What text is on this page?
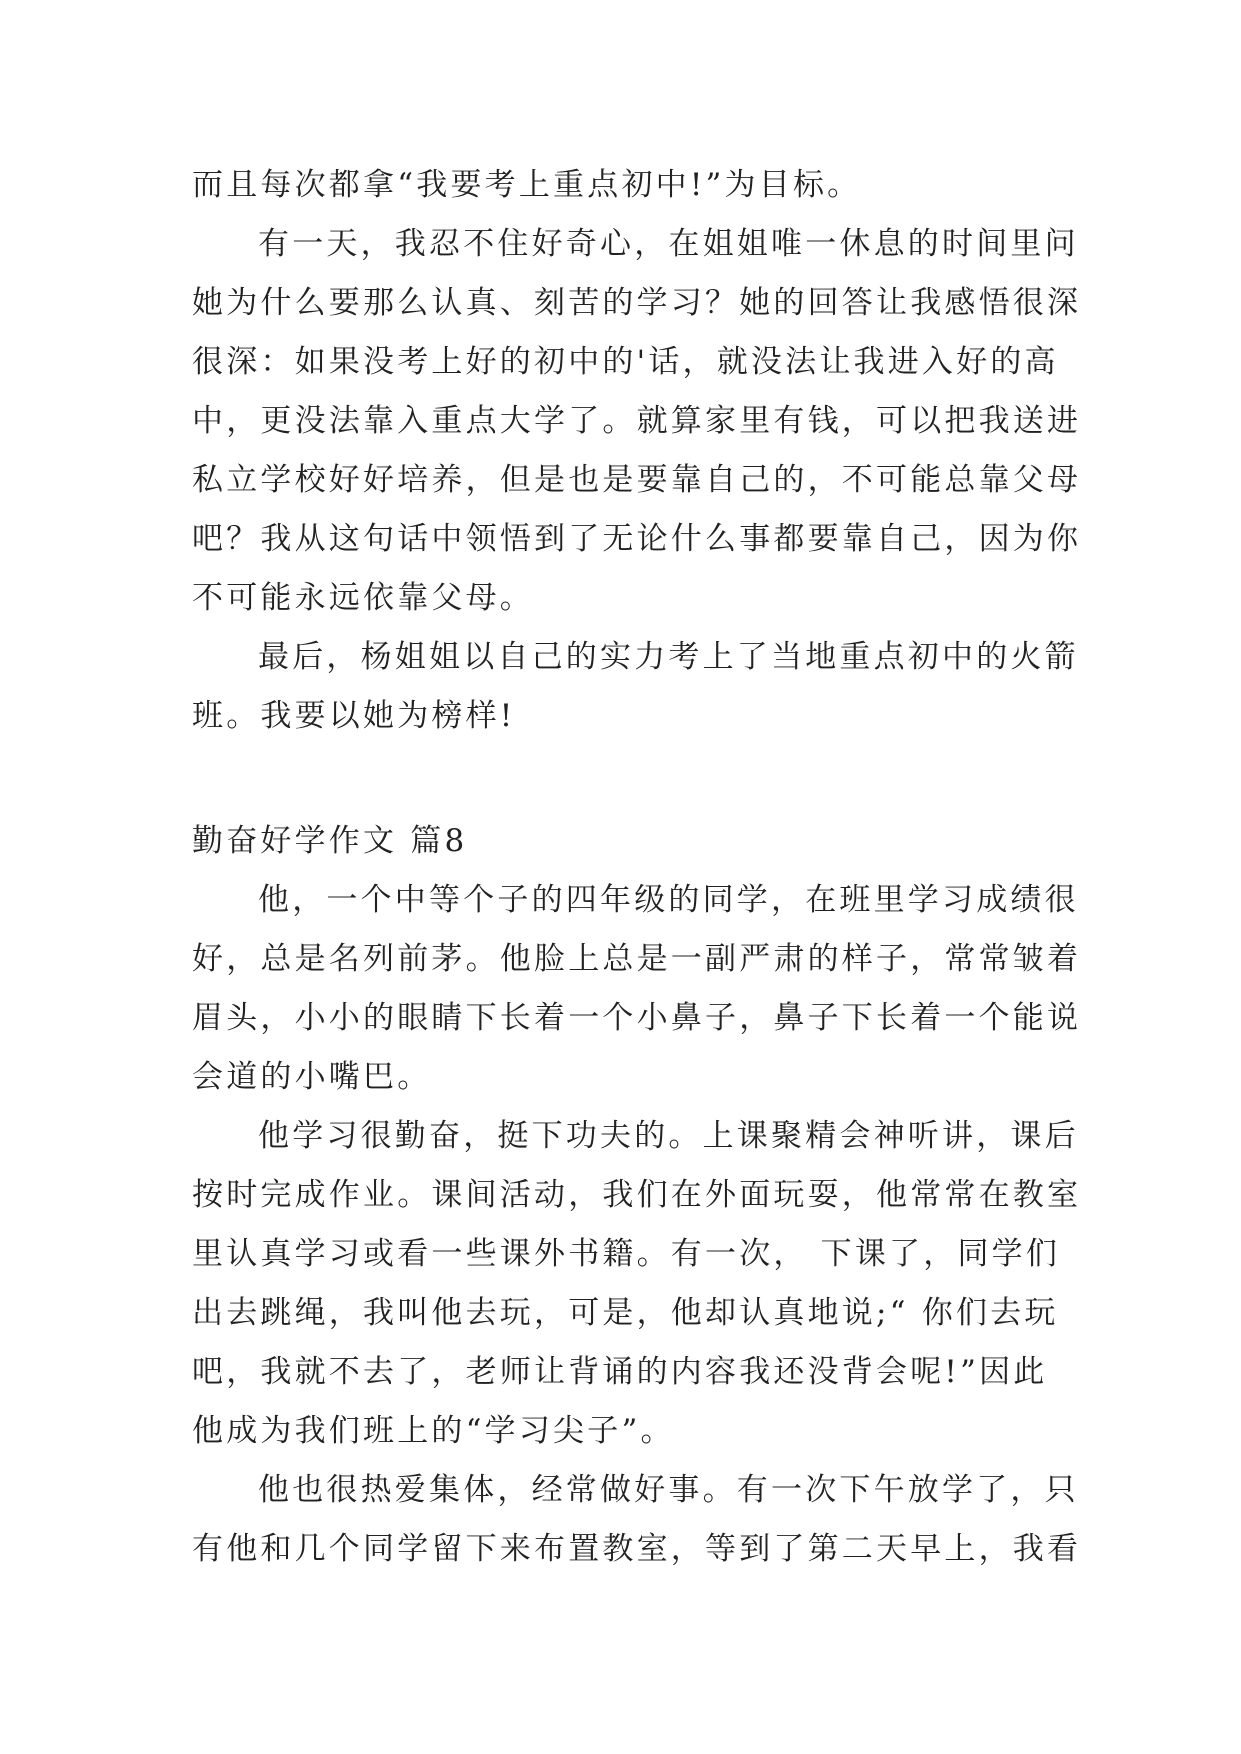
而且每次都拿“我要考上重点初中!”为目标。
有一天，我忍不住好奇心，在姐姐唯一休息的时间里问
她为什么要那么认真、刻苦的学习？她的回答让我感悟很深
很深：如果没考上好的初中的'话，就没法让我进入好的高
中，更没法靠入重点大学了。就算家里有钱，可以把我送进
私立学校好好培养，但是也是要靠自己的，不可能总靠父母
吧？我从这句话中领悟到了无论什么事都要靠自己，因为你
不可能永远依靠父母。
最后，杨姐姐以自己的实力考上了当地重点初中的火箭
班。我要以她为榜样!
勤奋好学作文 篇8
他，一个中等个子的四年级的同学，在班里学习成绩很
好，总是名列前茅。他脸上总是一副严肃的样子，常常皱着
眉头，小小的眼睛下长着一个小鼻子，鼻子下长着一个能说
会道的小嘴巴。
他学习很勤奋，挺下功夫的。上课聚精会神听讲，课后
按时完成作业。课间活动，我们在外面玩耍，他常常在教室
里认真学习或看一些课外书籍。有一次， 下课了，同学们
出去跳绳，我叫他去玩，可是，他却认真地说;“ 你们去玩
吧，我就不去了，老师让背诵的内容我还没背会呢!”因此
他成为我们班上的“学习尖子”。
他也很热爱集体，经常做好事。有一次下午放学了，只
有他和几个同学留下来布置教室，等到了第二天早上，我看
